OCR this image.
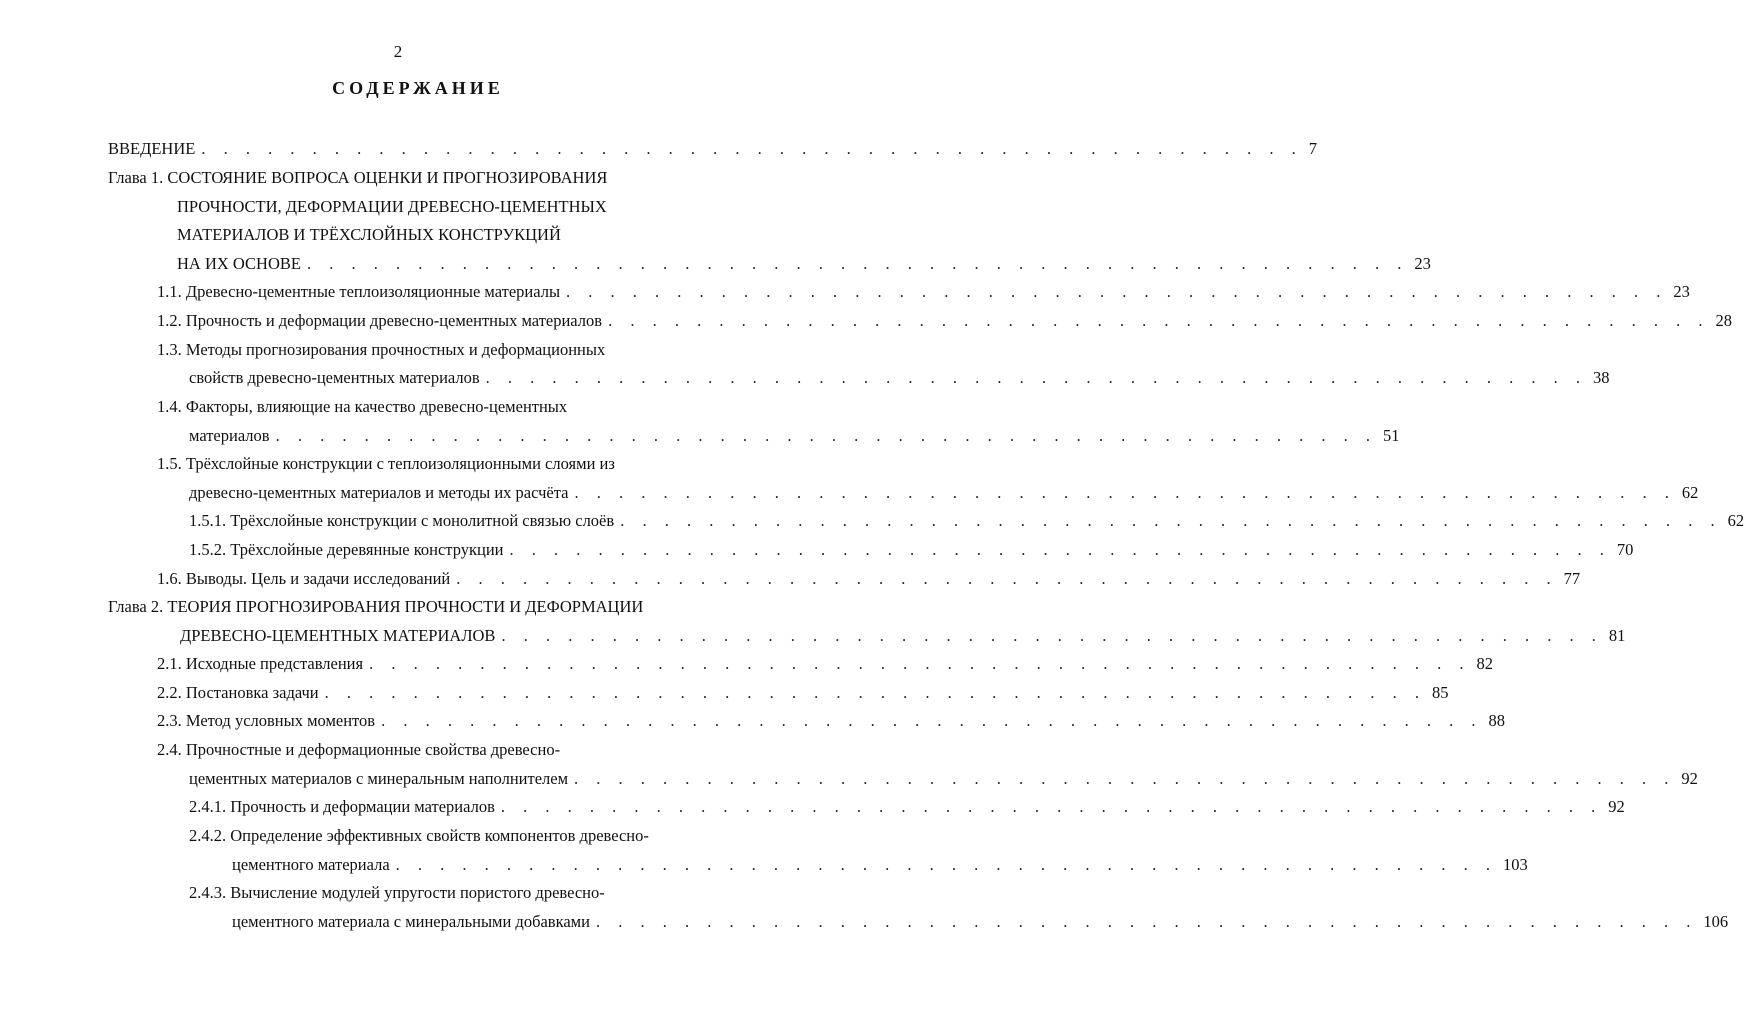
2
СОДЕРЖАНИЕ
ВВЕДЕНИЕ . . . . . . . . . . . . . . . . . . . . . . . . . . . . . . . . . . . . . . . . . . . . . . . . . . 7
Глава 1. СОСТОЯНИЕ ВОПРОСА ОЦЕНКИ И ПРОГНОЗИРОВАНИЯ
ПРОЧНОСТИ, ДЕФОРМАЦИИ ДРЕВЕСНО-ЦЕМЕНТНЫХ
МАТЕРИАЛОВ И ТРЁХСЛОЙНЫХ КОНСТРУКЦИЙ
НА ИХ ОСНОВЕ . . . . . . . . . . . . . . . . . . . . . . . . . . . . . . . . . . . . . . . . . . . . . . . . . . 23
1.1. Древесно-цементные теплоизоляционные материалы . . . . . . . . . . . . . . . . . . . . . . . . . . . . . . . . . . . . . . . . . . . . . . . . . . 23
1.2. Прочность и деформации древесно-цементных материалов . . . . . . . . . . . . . . . . . . . . . . . . . . . . . . . . . . . . . . . . . . . . . . . . . . 28
1.3. Методы прогнозирования прочностных и деформационных
свойств древесно-цементных материалов . . . . . . . . . . . . . . . . . . . . . . . . . . . . . . . . . . . . . . . . . . . . . . . . . . 38
1.4. Факторы, влияющие на качество древесно-цементных
материалов . . . . . . . . . . . . . . . . . . . . . . . . . . . . . . . . . . . . . . . . . . . . . . . . . . 51
1.5. Трёхслойные конструкции с теплоизоляционными слоями из
древесно-цементных материалов и методы их расчёта . . . . . . . . . . . . . . . . . . . . . . . . . . . . . . . . . . . . . . . . . . . . . . . . . . 62
1.5.1. Трёхслойные конструкции с монолитной связью слоёв . . . . . . . . . . . . . . . . . . . . . . . . . . . . . . . . . . . . . . . . . . . . . . . . . . 62
1.5.2. Трёхслойные деревянные конструкции . . . . . . . . . . . . . . . . . . . . . . . . . . . . . . . . . . . . . . . . . . . . . . . . . . 70
1.6. Выводы. Цель и задачи исследований . . . . . . . . . . . . . . . . . . . . . . . . . . . . . . . . . . . . . . . . . . . . . . . . . . 77
Глава 2. ТЕОРИЯ ПРОГНОЗИРОВАНИЯ ПРОЧНОСТИ И ДЕФОРМАЦИИ
ДРЕВЕСНО-ЦЕМЕНТНЫХ МАТЕРИАЛОВ . . . . . . . . . . . . . . . . . . . . . . . . . . . . . . . . . . . . . . . . . . . . . . . . . . 81
2.1. Исходные представления . . . . . . . . . . . . . . . . . . . . . . . . . . . . . . . . . . . . . . . . . . . . . . . . . . 82
2.2. Постановка задачи . . . . . . . . . . . . . . . . . . . . . . . . . . . . . . . . . . . . . . . . . . . . . . . . . . 85
2.3. Метод условных моментов . . . . . . . . . . . . . . . . . . . . . . . . . . . . . . . . . . . . . . . . . . . . . . . . . . 88
2.4. Прочностные и деформационные свойства древесно-
цементных материалов с минеральным наполнителем . . . . . . . . . . . . . . . . . . . . . . . . . . . . . . . . . . . . . . . . . . . . . . . . . . 92
2.4.1. Прочность и деформации материалов . . . . . . . . . . . . . . . . . . . . . . . . . . . . . . . . . . . . . . . . . . . . . . . . . . 92
2.4.2. Определение эффективных свойств компонентов древесно-
цементного материала . . . . . . . . . . . . . . . . . . . . . . . . . . . . . . . . . . . . . . . . . . . . . . . . . . 103
2.4.3. Вычисление модулей упругости пористого древесно-
цементного материала с минеральными добавками . . . . . . . . . . . . . . . . . . . . . . . . . . . . . . . . . . . . . . . . . . . . . . . . . . 106
